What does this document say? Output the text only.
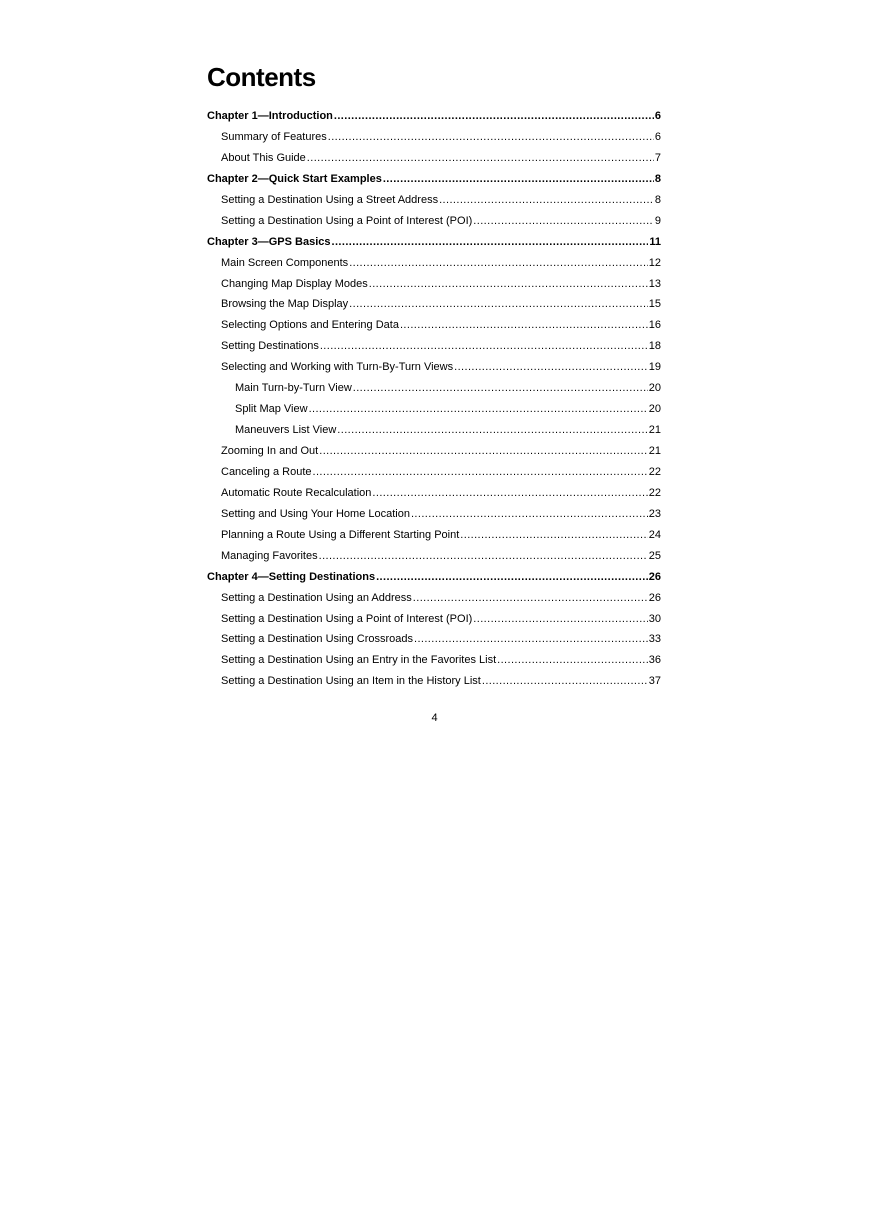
Contents
Chapter 1—Introduction .....	6
Summary of Features .....	6
About This Guide .....	7
Chapter 2—Quick Start Examples .....	8
Setting a Destination Using a Street Address .....	8
Setting a Destination Using a Point of Interest (POI) .....	9
Chapter 3—GPS Basics .....	11
Main Screen Components .....	12
Changing Map Display Modes .....	13
Browsing the Map Display .....	15
Selecting Options and Entering Data .....	16
Setting Destinations .....	18
Selecting and Working with Turn-By-Turn Views .....	19
Main Turn-by-Turn View .....	20
Split Map View .....	20
Maneuvers List View .....	21
Zooming In and Out .....	21
Canceling a Route .....	22
Automatic Route Recalculation .....	22
Setting and Using Your Home Location .....	23
Planning a Route Using a Different Starting Point .....	24
Managing Favorites .....	25
Chapter 4—Setting Destinations .....	26
Setting a Destination Using an Address .....	26
Setting a Destination Using a Point of Interest (POI) .....	30
Setting a Destination Using Crossroads .....	33
Setting a Destination Using an Entry in the Favorites List .....	36
Setting a Destination Using an Item in the History List .....	37
4
